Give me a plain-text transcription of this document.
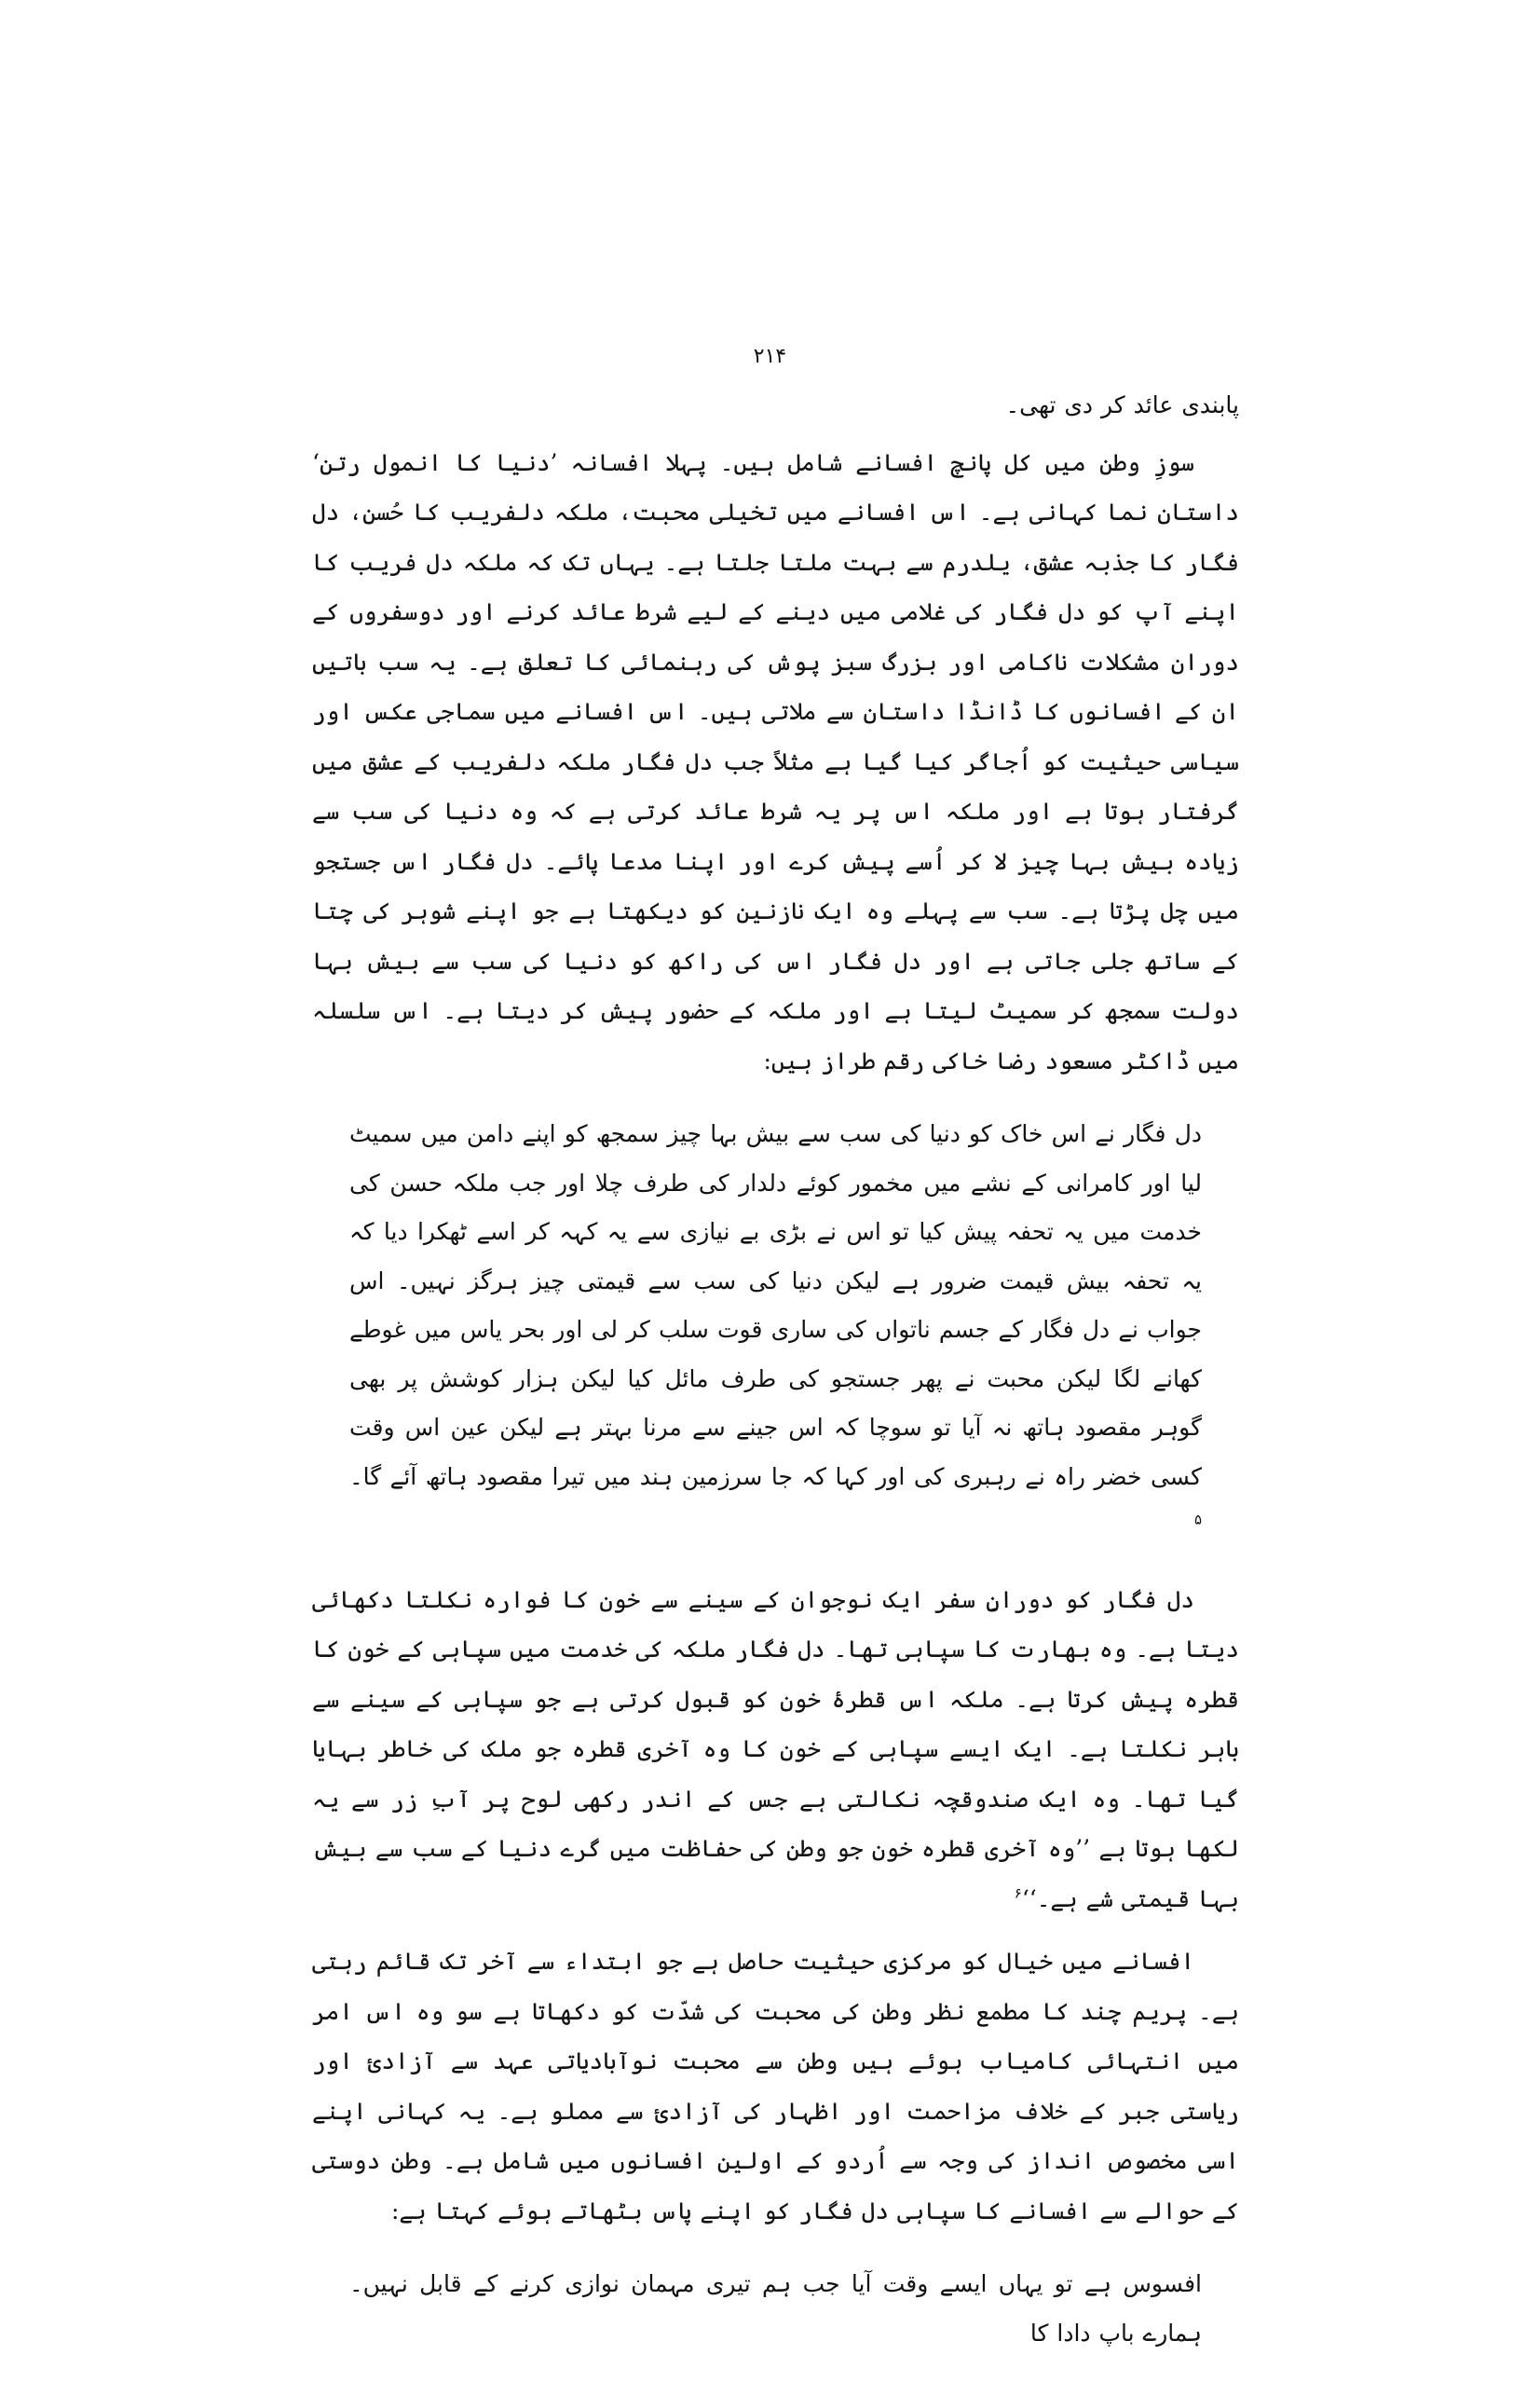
۲۱۴

پابندی عائد کر دی تھی۔

سوزِ وطن میں کل پانچ افسانے شامل ہیں۔ پہلا افسانہ ’دنیا کا انمول رتن‘ داستان نما کہانی ہے۔ اس افسانے میں تخیلی محبت، ملکہ دلفریب کا حُسن، دل فگار کا جذبہ عشق، یلدرم سے بہت ملتا جلتا ہے۔ یہاں تک کہ ملکہ دل فریب کا اپنے آپ کو دل فگار کی غلامی میں دینے کے لیے شرط عائد کرنے اور دوسفروں کے دوران مشکلات ناکامی اور بزرگ سبز پوش کی رہنمائی کا تعلق ہے۔ یہ سب باتیں ان کے افسانوں کا ڈانڈا داستان سے ملاتی ہیں۔ اس افسانے میں سماجی عکس اور سیاسی حیثیت کو اُجاگر کیا گیا ہے مثلاً جب دل فگار ملکہ دلفریب کے عشق میں گرفتار ہوتا ہے اور ملکہ اس پر یہ شرط عائد کرتی ہے کہ وہ دنیا کی سب سے زیادہ بیش بہا چیز لا کر اُسے پیش کرے اور اپنا مدعا پائے۔ دل فگار اس جستجو میں چل پڑتا ہے۔ سب سے پہلے وہ ایک نازنین کو دیکھتا ہے جو اپنے شوہر کی چتا کے ساتھ جلی جاتی ہے اور دل فگار اس کی راکھ کو دنیا کی سب سے بیش بہا دولت سمجھ کر سمیٹ لیتا ہے اور ملکہ کے حضور پیش کر دیتا ہے۔ اس سلسلہ میں ڈاکٹر مسعود رضا خاکی رقم طراز ہیں:

دل فگار نے اس خاک کو دنیا کی سب سے بیش بہا چیز سمجھ کو اپنے دامن میں سمیٹ لیا اور کامرانی کے نشے میں مخمور کوئے دلدار کی طرف چلا اور جب ملکہ حسن کی خدمت میں یہ تحفہ پیش کیا تو اس نے بڑی بے نیازی سے یہ کہہ کر اسے ٹھکرا دیا کہ یہ تحفہ بیش قیمت ضرور ہے لیکن دنیا کی سب سے قیمتی چیز ہرگز نہیں۔ اس جواب نے دل فگار کے جسم ناتواں کی ساری قوت سلب کر لی اور بحر یاس میں غوطے کھانے لگا لیکن محبت نے پھر جستجو کی طرف مائل کیا لیکن ہزار کوشش پر بھی گوہر مقصود ہاتھ نہ آیا تو سوچا کہ اس جینے سے مرنا بہتر ہے لیکن عین اس وقت کسی خضر راہ نے رہبری کی اور کہا کہ جا سرزمین ہند میں تیرا مقصود ہاتھ آئے گا۔ $^۵$

دل فگار کو دورانِ سفر ایک نوجوان کے سینے سے خون کا فوارہ نکلتا دکھائی دیتا ہے۔ وہ بھارت کا سپاہی تھا۔ دل فگار ملکہ کی خدمت میں سپاہی کے خون کا قطرہ پیش کرتا ہے۔ ملکہ اس قطرۂ خون کو قبول کرتی ہے جو سپاہی کے سینے سے باہر نکلتا ہے۔ ایک ایسے سپاہی کے خون کا وہ آخری قطرہ جو ملک کی خاطر بہایا گیا تھا۔ وہ ایک صندوقچہ نکالتی ہے جس کے اندر رکھی لوح پر آبِ زر سے یہ لکھا ہوتا ہے ’’وہ آخری قطرہ خون جو وطن کی حفاظت میں گرے دنیا کے سب سے بیش بہا قیمتی شے ہے۔‘‘$^۶$

افسانے میں خیال کو مرکزی حیثیت حاصل ہے جو ابتداء سے آخر تک قائم رہتی ہے۔ پریم چند کا مطمع نظر وطن کی محبت کی شدّت کو دکھاتا ہے سو وہ اس امر میں انتہائی کامیاب ہوئے ہیں وطن سے محبت نوآبادیاتی عہد سے آزادئ اور ریاستی جبر کے خلاف مزاحمت اور اظہار کی آزادئ سے مملو ہے۔ یہ کہانی اپنے اسی مخصوص انداز کی وجہ سے اُردو کے اولین افسانوں میں شامل ہے۔ وطن دوستی کے حوالے سے افسانے کا سپاہی دل فگار کو اپنے پاس بٹھاتے ہوئے کہتا ہے:

افسوس ہے تو یہاں ایسے وقت آیا جب ہم تیری مہمان نوازی کرنے کے قابل نہیں۔ ہمارے باپ دادا کا
